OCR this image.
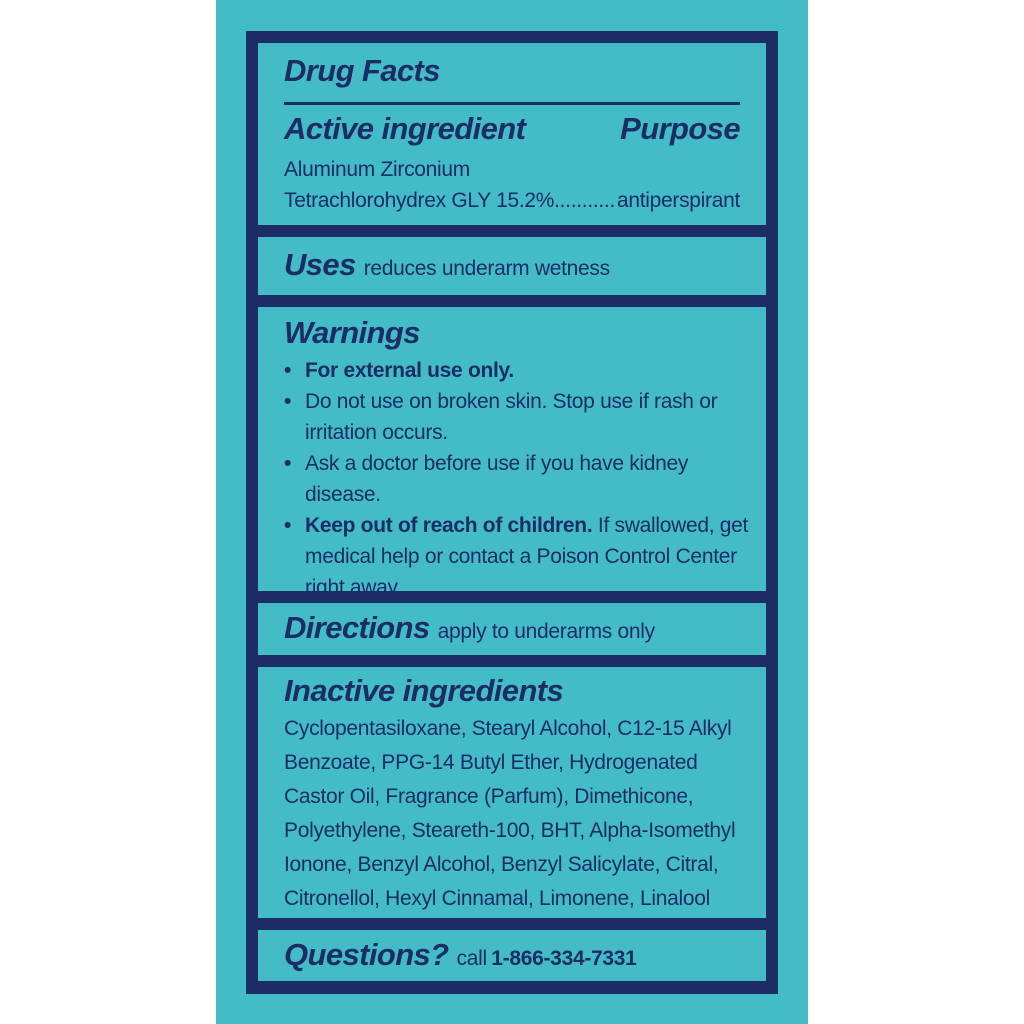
Drug Facts
Active ingredient	Purpose
Aluminum Zirconium
Tetrachlorohydrex GLY 15.2% ........... antiperspirant
Uses reduces underarm wetness
Warnings
• For external use only.
• Do not use on broken skin. Stop use if rash or irritation occurs.
• Ask a doctor before use if you have kidney disease.
• Keep out of reach of children. If swallowed, get medical help or contact a Poison Control Center right away.
Directions apply to underarms only
Inactive ingredients
Cyclopentasiloxane, Stearyl Alcohol, C12-15 Alkyl Benzoate, PPG-14 Butyl Ether, Hydrogenated Castor Oil, Fragrance (Parfum), Dimethicone, Polyethylene, Steareth-100, BHT, Alpha-Isomethyl Ionone, Benzyl Alcohol, Benzyl Salicylate, Citral, Citronellol, Hexyl Cinnamal, Limonene, Linalool
Questions? call 1-866-334-7331
